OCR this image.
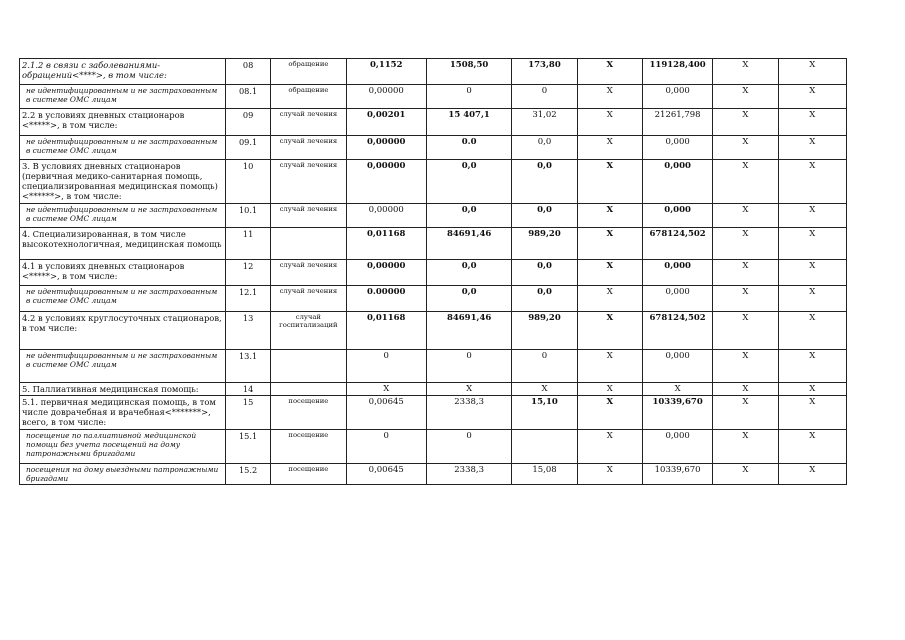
2.1.2 в связи с заболеваниями-обращений<****>, в том числе:	08	обращение	0,1152	1508,50	173,80	X	119128,400	X	X
не идентифицированным и не застрахованным в системе ОМС лицам	08.1	обращение	0,00000	0	0	X	0,000	X	X
2.2 в условиях дневных стационаров <*****>, в том числе:	09	случай лечения	0,00201	15 407,1	31,02	X	21261,798	X	X
не идентифицированным и не застрахованным в системе ОМС лицам	09.1	случай лечения	0,00000	0.0	0,0	X	0,000	X	X
3. В условиях дневных стационаров (первичная медико-санитарная помощь, специализированная медицинская помощь)<******>, в том числе:	10	случай лечения	0,00000	0,0	0,0	X	0,000	X	X
не идентифицированным и не застрахованным в системе ОМС лицам	10.1	случай лечения	0,00000	0,0	0,0	X	0,000	X	X
4. Специализированная, в том числе высокотехнологичная, медицинская помощь	11		0,01168	84691,46	989,20	X	678124,502	X	X
4.1 в условиях дневных стационаров <*****>, в том числе:	12	случай лечения	0,00000	0,0	0,0	X	0,000	X	X
не идентифицированным и не застрахованным в системе ОМС лицам	12.1	случай лечения	0.00000	0,0	0,0	X	0,000	X	X
4.2 в условиях круглосуточных стационаров, в том числе:	13	случай госпитализаций	0,01168	84691,46	989,20	X	678124,502	X	X
не идентифицированным и не застрахованным в системе ОМС лицам	13.1		0	0	0	X	0,000	X	X
5. Паллиативная медицинская помощь:	14		X	X	X	X	X	X	X
5.1. первичная медицинская помощь, в том числе доврачебная и врачебная<*******>, всего, в том числе:	15	посещение	0,00645	2338,3	15,10	X	10339,670	X	X
посещение по паллиативной медицинской помощи без учета посещений на дому патронажными бригадами	15.1	посещение	0	0		X	0,000	X	X
посещения на дому выездными патронажными бригадами	15.2	посещение	0,00645	2338,3	15,08	X	10339,670	X	X
